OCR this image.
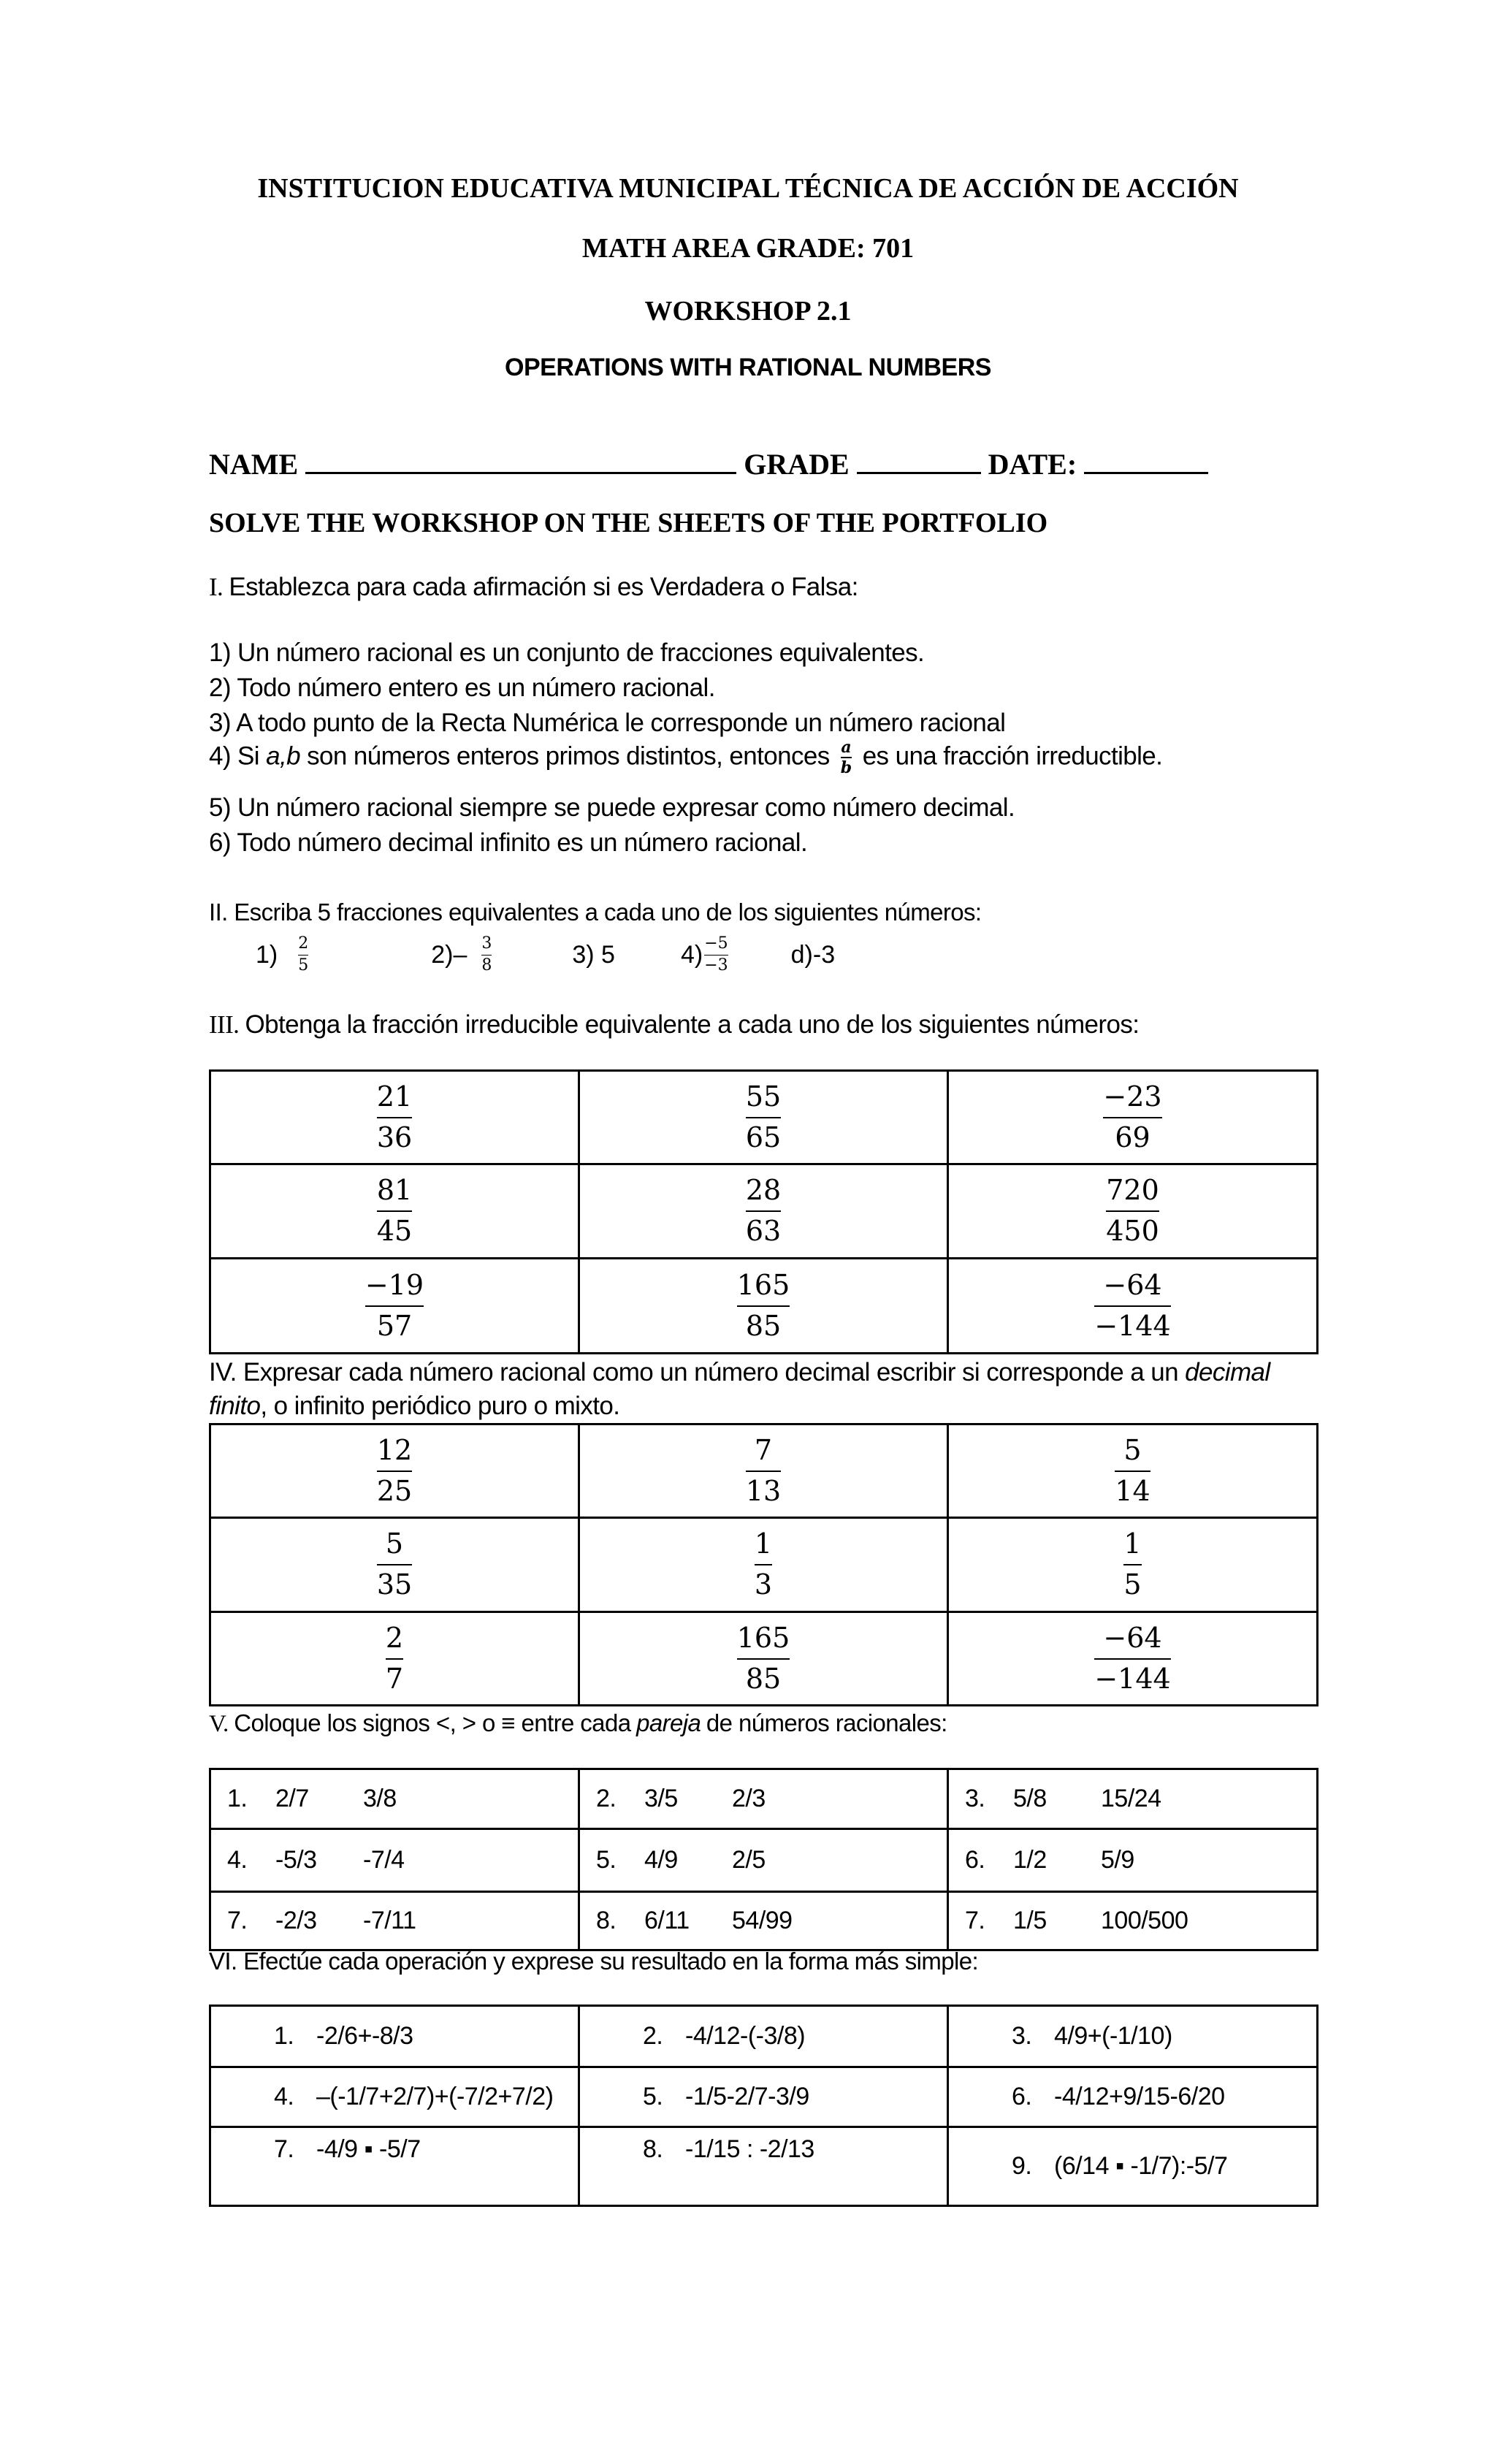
INSTITUCION EDUCATIVA MUNICIPAL TÉCNICA DE ACCIÓN DE ACCIÓN
MATH AREA GRADE: 701
WORKSHOP 2.1
OPERATIONS WITH RATIONAL NUMBERS
NAME	GRADE	DATE:
SOLVE THE WORKSHOP ON THE SHEETS OF THE PORTFOLIO
I. Establezca para cada afirmación si es Verdadera o Falsa:
1) Un número racional es un conjunto de fracciones equivalentes.
2) Todo número entero es un número racional.
3) A todo punto de la Recta Numérica le corresponde un número racional
4) Si a,b son números enteros primos distintos, entonces $\frac{a}{b}$ es una fracción irreductible.
5) Un número racional siempre se puede expresar como número decimal.
6) Todo número decimal infinito es un número racional.
II. Escriba 5 fracciones equivalentes a cada uno de los siguientes números:
$1) \frac{2}{5}$	$2)- \frac{3}{8}$	3) 5	$4) \frac{-5}{-3}$	d)-3
III. Obtenga la fracción irreducible equivalente a cada uno de los siguientes números:
$\frac{21}{36}$	$\frac{55}{65}$	$\frac{-23}{69}$

$\frac{81}{45}$	$\frac{28}{63}$	$\frac{720}{450}$

$\frac{-19}{57}$	$\frac{165}{85}$	$\frac{-64}{-144}$
IV. Expresar cada número racional como un número decimal escribir si corresponde a un decimal
finito, o infinito periódico puro o mixto.
$\frac{12}{25}$	$\frac{7}{13}$	$\frac{5}{14}$

$\frac{5}{35}$	$\frac{1}{3}$	$\frac{1}{5}$

$\frac{2}{7}$	$\frac{165}{85}$	$\frac{-64}{-144}$
V. Coloque los signos <, > o ≡ entre cada pareja de números racionales:
1. 2/7 3/8	2. 3/5 2/3	3. 5/8 15/24
4. -5/3 -7/4	5. 4/9 2/5	6. 1/2 5/9
7. -2/3 -7/11	8. 6/11 54/99	7. 1/5 100/500
VI. Efectúe cada operación y exprese su resultado en la forma más simple:
1. -2/6+-8/3	2. -4/12-(-3/8)	3. 4/9+(-1/10)
4. –(-1/7+2/7)+(-7/2+7/2)	5. -1/5-2/7-3/9	6. -4/12+9/15-6/20
7. -4/9 ▪ -5/7	8. -1/15 : -2/13	9. (6/14 ▪ -1/7):-5/7
